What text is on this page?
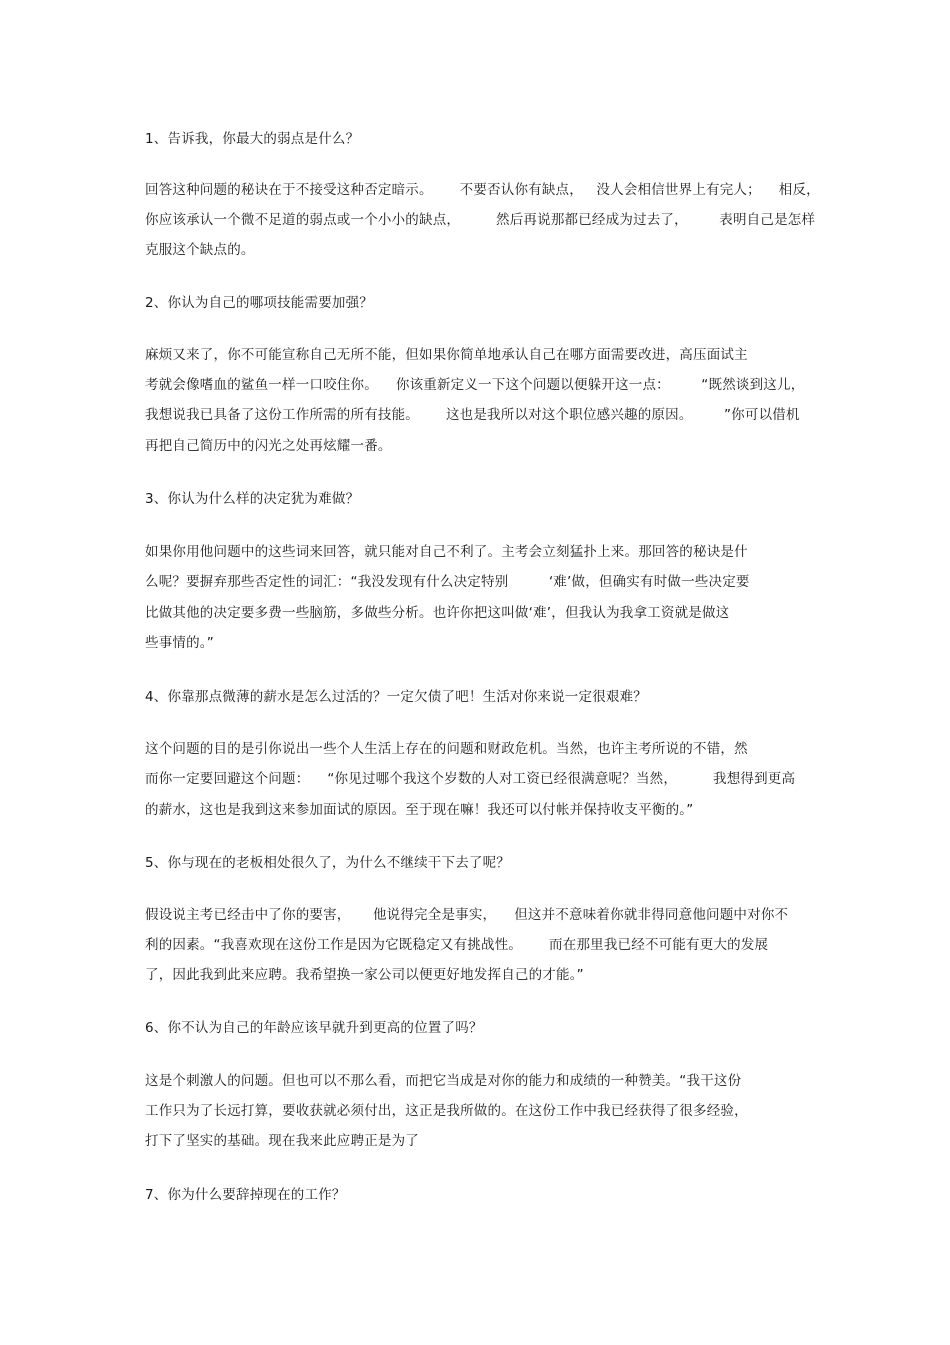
1、告诉我，你最大的弱点是什么？
回答这种问题的秘诀在于不接受这种否定暗示。      不要否认你有缺点，   没人会相信世界上有完人；    相反，
你应该承认一个微不足道的弱点或一个小小的缺点，        然后再说那都已经成为过去了，       表明自己是怎样
克服这个缺点的。
2、你认为自己的哪项技能需要加强？
麻烦又来了，你不可能宣称自己无所不能，但如果你简单地承认自己在哪方面需要改进，高压面试主
考就会像嗜血的鲨鱼一样一口咬住你。    你该重新定义一下这个问题以便躲开这一点：       “既然谈到这儿，
我想说我已具备了这份工作所需的所有技能。      这也是我所以对这个职位感兴趣的原因。       ”你可以借机
再把自己简历中的闪光之处再炫耀一番。
3、你认为什么样的决定犹为难做？
如果你用他问题中的这些词来回答，就只能对自己不利了。主考会立刻猛扑上来。那回答的秘诀是什
么呢？要摒弃那些否定性的词汇：“我没发现有什么决定特别         ‘难’做，但确实有时做一些决定要
比做其他的决定要多费一些脑筋，多做些分析。也许你把这叫做‘难’，但我认为我拿工资就是做这
些事情的。”
4、你靠那点微薄的薪水是怎么过活的？一定欠债了吧！生活对你来说一定很艰难？
这个问题的目的是引你说出一些个人生活上存在的问题和财政危机。当然，也许主考所说的不错，然
而你一定要回避这个问题：    “你见过哪个我这个岁数的人对工资已经很满意呢？当然，        我想得到更高
的薪水，这也是我到这来参加面试的原因。至于现在嘛！我还可以付帐并保持收支平衡的。”
5、你与现在的老板相处很久了，为什么不继续干下去了呢？
假设说主考已经击中了你的要害，     他说得完全是事实，    但这并不意味着你就非得同意他问题中对你不
利的因素。“我喜欢现在这份工作是因为它既稳定又有挑战性。      而在那里我已经不可能有更大的发展
了，因此我到此来应聘。我希望换一家公司以便更好地发挥自己的才能。”
6、你不认为自己的年龄应该早就升到更高的位置了吗？
这是个刺激人的问题。但也可以不那么看，而把它当成是对你的能力和成绩的一种赞美。“我干这份
工作只为了长远打算，要收获就必须付出，这正是我所做的。在这份工作中我已经获得了很多经验，
打下了坚实的基础。现在我来此应聘正是为了
7、你为什么要辞掉现在的工作？
